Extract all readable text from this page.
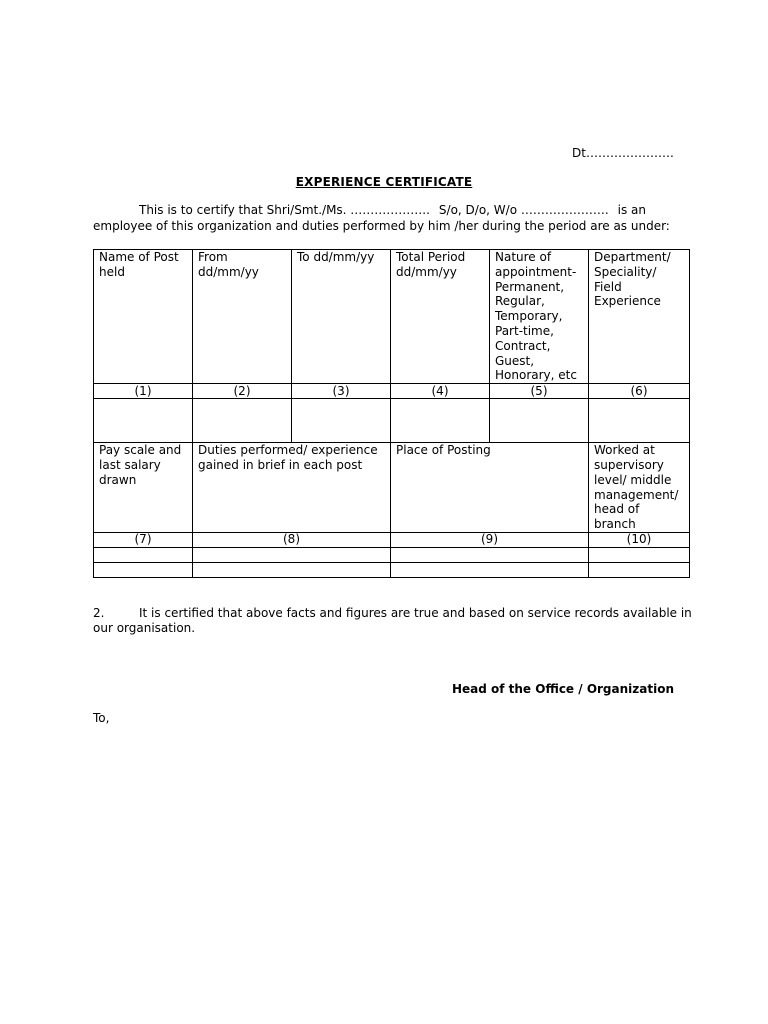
Dt………………….
EXPERIENCE CERTIFICATE
This is to certify that Shri/Smt./Ms. ……………….. S/o, D/o, W/o …………………. is an
employee of this organization and duties performed by him /her during the period are as under:
Name of Post held	From dd/mm/yy	To dd/mm/yy	Total Period dd/mm/yy	Nature of appointment- Permanent, Regular, Temporary, Part-time, Contract, Guest, Honorary, etc	Department/ Speciality/ Field Experience
(1)	(2)	(3)	(4)	(5)	(6)

Pay scale and last salary drawn	Duties performed/ experience gained in brief in each post		Place of Posting		Worked at supervisory level/ middle management/ head of branch
(7)	(8)		(9)		(10)

2.	It is certified that above facts and figures are true and based on service records available in
our organisation.
Head of the Office / Organization
To,
